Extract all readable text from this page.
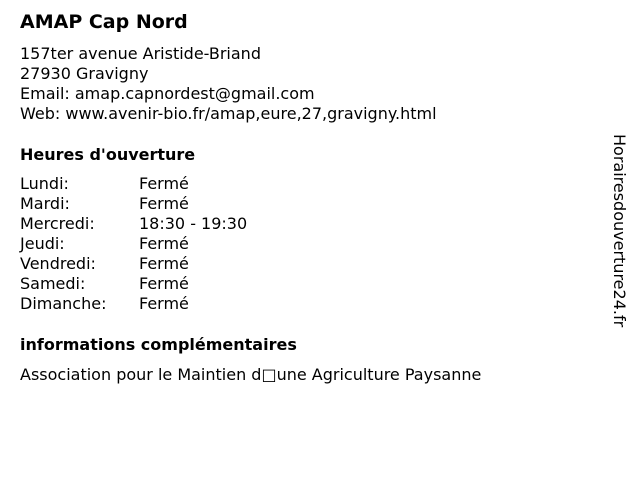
AMAP Cap Nord
157ter avenue Aristide-Briand
27930 Gravigny
Email: amap.capnordest@gmail.com
Web: www.avenir-bio.fr/amap,eure,27,gravigny.html
Heures d'ouverture
Lundi:	Fermé
Mardi:	Fermé
Mercredi:	18:30 - 19:30
Jeudi:	Fermé
Vendredi:	Fermé
Samedi:	Fermé
Dimanche: Fermé
informations complémentaires
Association pour le Maintien d□une Agriculture Paysanne
Horairesdouverture24.fr
